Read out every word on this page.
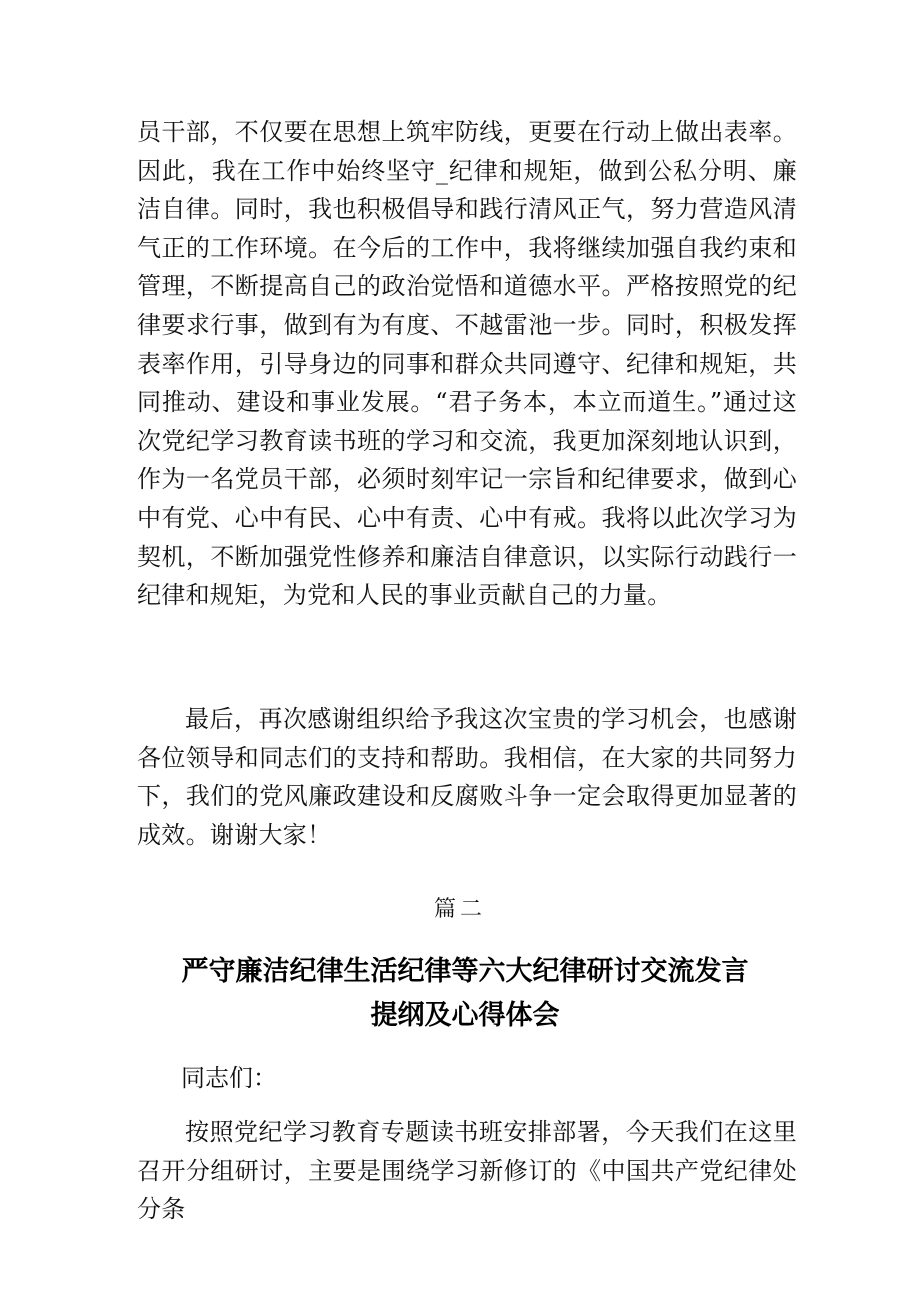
员干部，不仅要在思想上筑牢防线，更要在行动上做出表率。因此，我在工作中始终坚守_纪律和规矩，做到公私分明、廉洁自律。同时，我也积极倡导和践行清风正气，努力营造风清气正的工作环境。在今后的工作中，我将继续加强自我约束和管理，不断提高自己的政治觉悟和道德水平。严格按照党的纪律要求行事，做到有为有度、不越雷池一步。同时，积极发挥表率作用，引导身边的同事和群众共同遵守、纪律和规矩，共同推动、建设和事业发展。“君子务本，本立而道生。”通过这次党纪学习教育读书班的学习和交流，我更加深刻地认识到，作为一名党员干部，必须时刻牢记一宗旨和纪律要求，做到心中有党、心中有民、心中有责、心中有戒。我将以此次学习为契机，不断加强党性修养和廉洁自律意识，以实际行动践行一纪律和规矩，为党和人民的事业贡献自己的力量。

最后，再次感谢组织给予我这次宝贵的学习机会，也感谢各位领导和同志们的支持和帮助。我相信，在大家的共同努力下，我们的党风廉政建设和反腐败斗争一定会取得更加显著的成效。谢谢大家！

篇二

严守廉洁纪律生活纪律等六大纪律研讨交流发言提纲及心得体会

同志们：

按照党纪学习教育专题读书班安排部署，今天我们在这里召开分组研讨，主要是围绕学习新修订的《中国共产党纪律处分条
